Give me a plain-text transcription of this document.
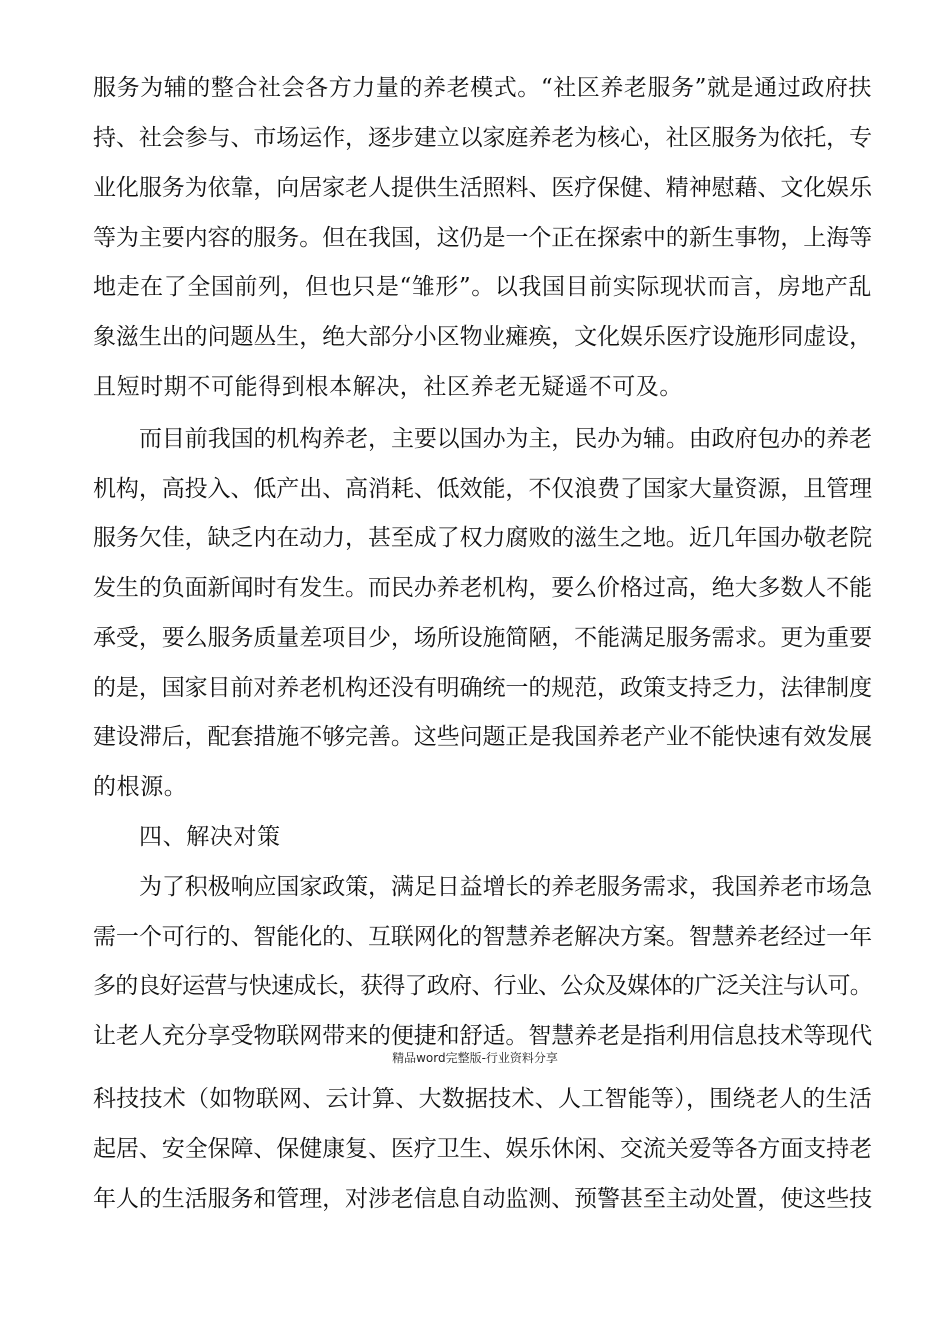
服务为辅的整合社会各方力量的养老模式。“社区养老服务”就是通过政府扶
持、社会参与、市场运作，逐步建立以家庭养老为核心，社区服务为依托，专
业化服务为依靠，向居家老人提供生活照料、医疗保健、精神慰藉、文化娱乐
等为主要内容的服务。但在我国，这仍是一个正在探索中的新生事物，上海等
地走在了全国前列，但也只是“雏形”。以我国目前实际现状而言，房地产乱
象滋生出的问题丛生，绝大部分小区物业瘫痪，文化娱乐医疗设施形同虚设，
且短时期不可能得到根本解决，社区养老无疑遥不可及。
而目前我国的机构养老，主要以国办为主，民办为辅。由政府包办的养老
机构，高投入、低产出、高消耗、低效能，不仅浪费了国家大量资源，且管理
服务欠佳，缺乏内在动力，甚至成了权力腐败的滋生之地。近几年国办敬老院
发生的负面新闻时有发生。而民办养老机构，要么价格过高，绝大多数人不能
承受，要么服务质量差项目少，场所设施简陋，不能满足服务需求。更为重要
的是，国家目前对养老机构还没有明确统一的规范，政策支持乏力，法律制度
建设滞后，配套措施不够完善。这些问题正是我国养老产业不能快速有效发展
的根源。
四、解决对策
为了积极响应国家政策，满足日益增长的养老服务需求，我国养老市场急
需一个可行的、智能化的、互联网化的智慧养老解决方案。智慧养老经过一年
多的良好运营与快速成长，获得了政府、行业、公众及媒体的广泛关注与认可。
让老人充分享受物联网带来的便捷和舒适。智慧养老是指利用信息技术等现代
精品word完整版-行业资料分享
科技技术（如物联网、云计算、大数据技术、人工智能等），围绕老人的生活
起居、安全保障、保健康复、医疗卫生、娱乐休闲、交流关爱等各方面支持老
年人的生活服务和管理，对涉老信息自动监测、预警甚至主动处置，使这些技
